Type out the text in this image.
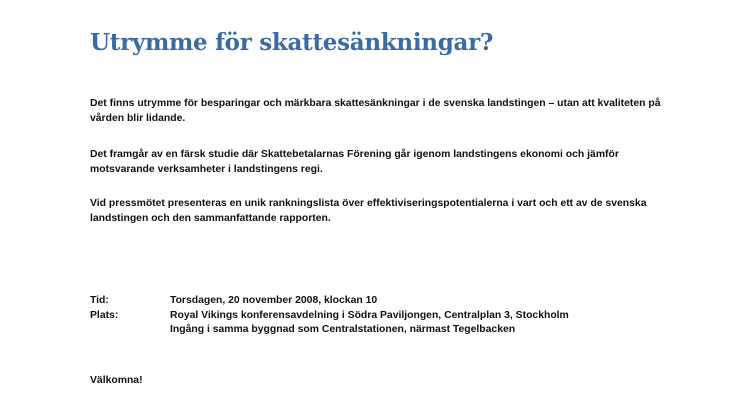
Utrymme för skattesänkningar?

Det finns utrymme för besparingar och märkbara skattesänkningar i de svenska landstingen – utan att kvaliteten på vården blir lidande.

Det framgår av en färsk studie där Skattebetalarnas Förening går igenom landstingens ekonomi och jämför motsvarande verksamheter i landstingens regi.

Vid pressmötet presenteras en unik rankningslista över effektiviseringspotentialerna i vart och ett av de svenska landstingen och den sammanfattande rapporten.

Tid:	Torsdagen, 20 november 2008, klockan 10
Plats:	Royal Vikings konferensavdelning i Södra Paviljongen, Centralplan 3, Stockholm
Ingång i samma byggnad som Centralstationen, närmast Tegelbacken

Välkomna!
